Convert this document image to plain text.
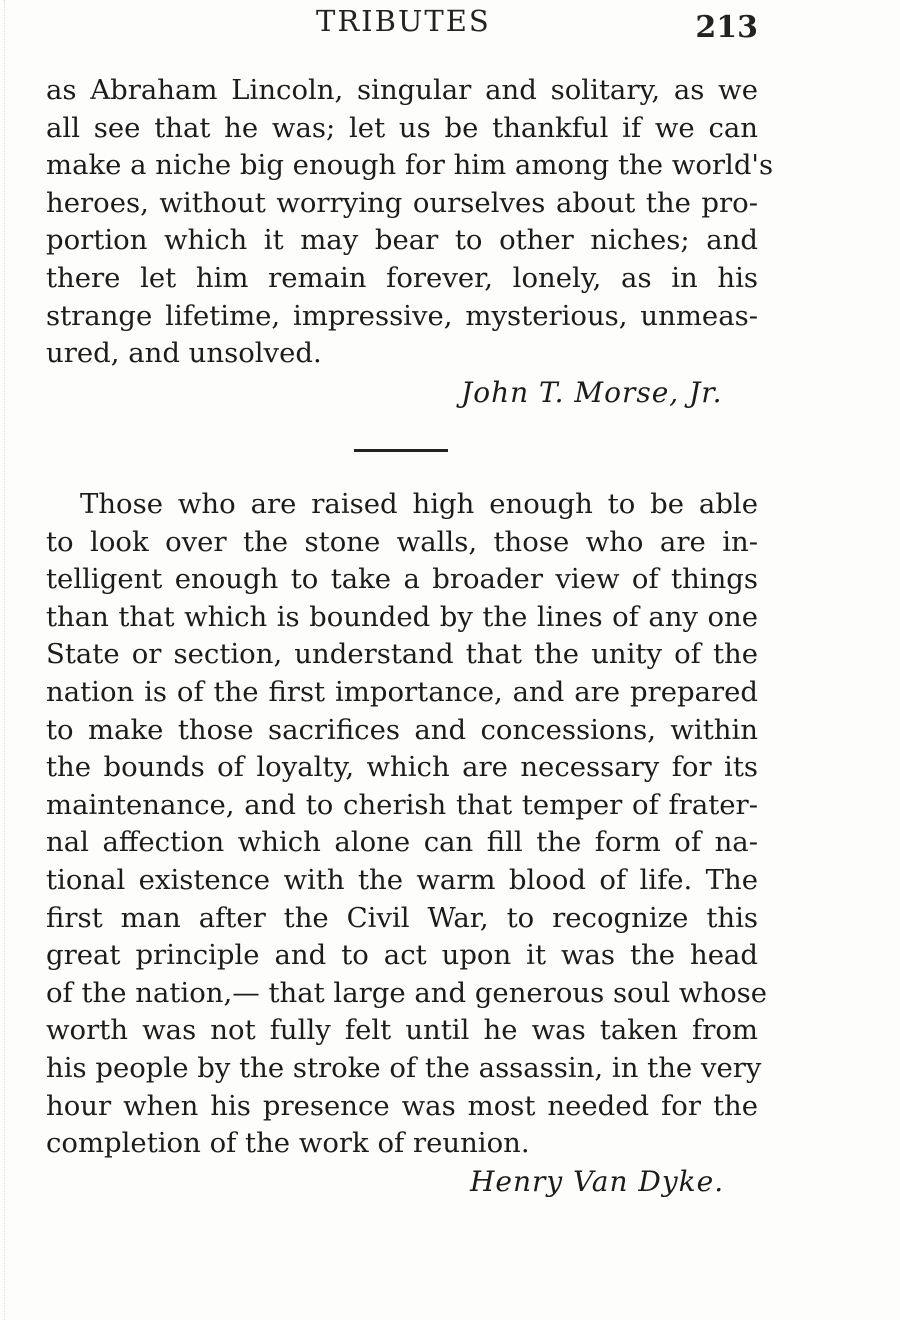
TRIBUTES	213
as Abraham Lincoln, singular and solitary, as we
all see that he was; let us be thankful if we can
make a niche big enough for him among the world's
heroes, without worrying ourselves about the pro-
portion which it may bear to other niches; and
there let him remain forever, lonely, as in his
strange lifetime, impressive, mysterious, unmeas-
ured, and unsolved.
John T. Morse, Jr.
Those who are raised high enough to be able
to look over the stone walls, those who are in-
telligent enough to take a broader view of things
than that which is bounded by the lines of any one
State or section, understand that the unity of the
nation is of the first importance, and are prepared
to make those sacrifices and concessions, within
the bounds of loyalty, which are necessary for its
maintenance, and to cherish that temper of frater-
nal affection which alone can fill the form of na-
tional existence with the warm blood of life. The
first man after the Civil War, to recognize this
great principle and to act upon it was the head
of the nation,— that large and generous soul whose
worth was not fully felt until he was taken from
his people by the stroke of the assassin, in the very
hour when his presence was most needed for the
completion of the work of reunion.
Henry Van Dyke.
